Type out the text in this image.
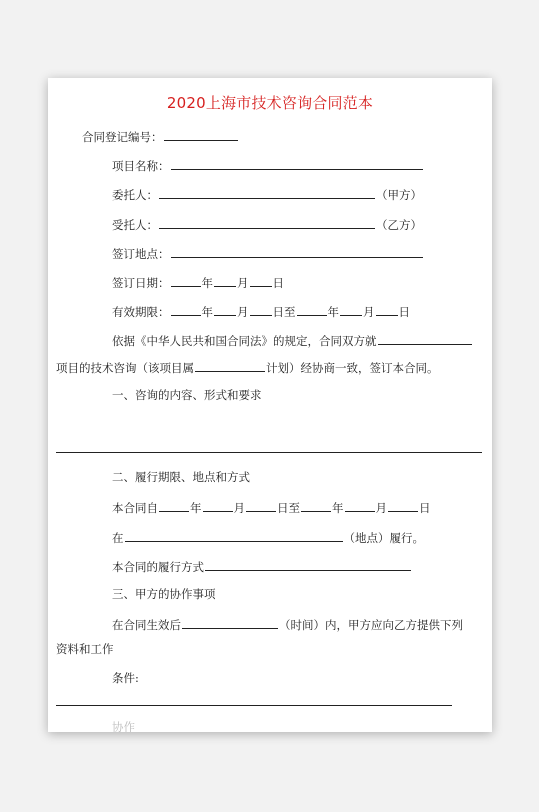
2020上海市技术咨询合同范本
合同登记编号：
项目名称：
委托人：	（甲方）
受托人：	（乙方）
签订地点：
签订日期：	年 月 日
有效期限：	年 月 日至	年 月 日
依据《中华人民共和国合同法》的规定，合同双方就
项目的技术咨询（该项目属	计划）经协商一致，签订本合同。
一、咨询的内容、形式和要求
二、履行期限、地点和方式
本合同自	年	月	日至	年	月	日
在	（地点）履行。
本合同的履行方式
三、甲方的协作事项
在合同生效后	（时间）内，甲方应向乙方提供下列
资料和工作
条件:
协作
